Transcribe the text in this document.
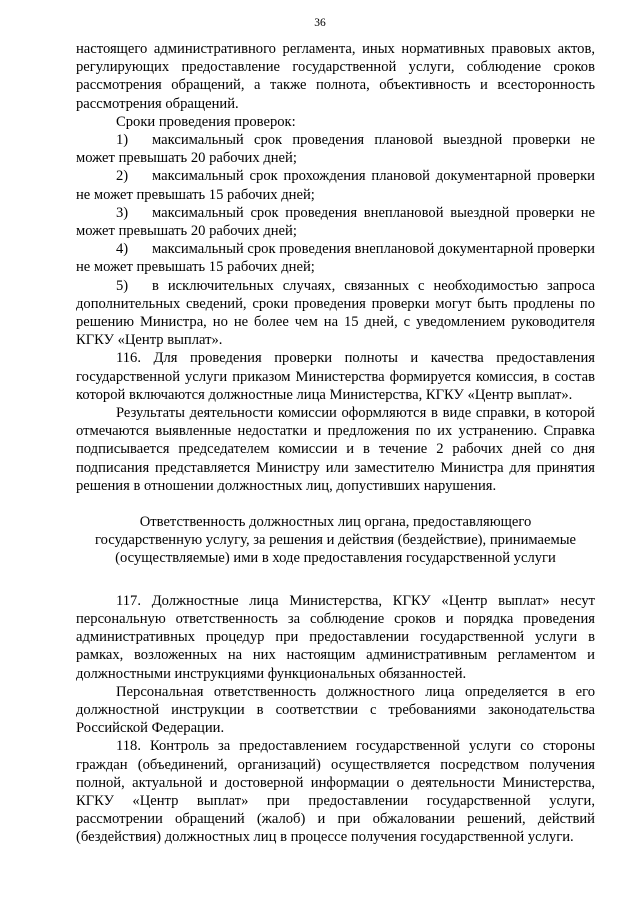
36

настоящего административного регламента, иных нормативных правовых актов, регулирующих предоставление государственной услуги, соблюдение сроков рассмотрения обращений, а также полнота, объективность и всесторонность рассмотрения обращений.

Сроки проведения проверок:

1) максимальный срок проведения плановой выездной проверки не может превышать 20 рабочих дней;

2) максимальный срок прохождения плановой документарной проверки не может превышать 15 рабочих дней;

3) максимальный срок проведения внеплановой выездной проверки не может превышать 20 рабочих дней;

4) максимальный срок проведения внеплановой документарной проверки не может превышать 15 рабочих дней;

5) в исключительных случаях, связанных с необходимостью запроса дополнительных сведений, сроки проведения проверки могут быть продлены по решению Министра, но не более чем на 15 дней, с уведомлением руководителя КГКУ «Центр выплат».

116. Для проведения проверки полноты и качества предоставления государственной услуги приказом Министерства формируется комиссия, в состав которой включаются должностные лица Министерства, КГКУ «Центр выплат».

Результаты деятельности комиссии оформляются в виде справки, в которой отмечаются выявленные недостатки и предложения по их устранению. Справка подписывается председателем комиссии и в течение 2 рабочих дней со дня подписания представляется Министру или заместителю Министра для принятия решения в отношении должностных лиц, допустивших нарушения.

Ответственность должностных лиц органа, предоставляющего государственную услугу, за решения и действия (бездействие), принимаемые (осуществляемые) ими в ходе предоставления государственной услуги

117. Должностные лица Министерства, КГКУ «Центр выплат» несут персональную ответственность за соблюдение сроков и порядка проведения административных процедур при предоставлении государственной услуги в рамках, возложенных на них настоящим административным регламентом и должностными инструкциями функциональных обязанностей.

Персональная ответственность должностного лица определяется в его должностной инструкции в соответствии с требованиями законодательства Российской Федерации.

118. Контроль за предоставлением государственной услуги со стороны граждан (объединений, организаций) осуществляется посредством получения полной, актуальной и достоверной информации о деятельности Министерства, КГКУ «Центр выплат» при предоставлении государственной услуги, рассмотрении обращений (жалоб) и при обжаловании решений, действий (бездействия) должностных лиц в процессе получения государственной услуги.
